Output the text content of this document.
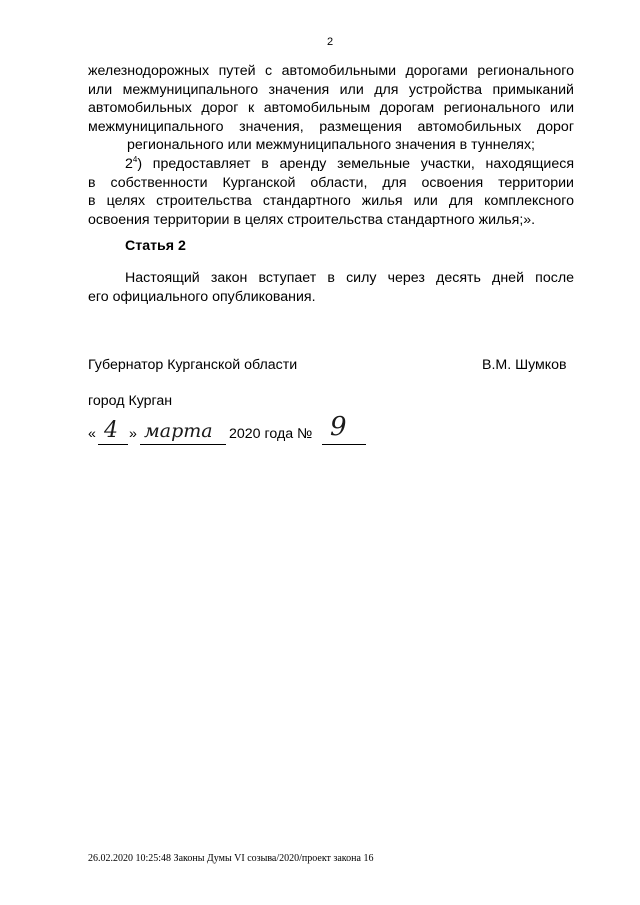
2
железнодорожных путей с автомобильными дорогами регионального
или межмуниципального значения или для устройства примыканий
автомобильных дорог к автомобильным дорогам регионального или
межмуниципального значения, размещения автомобильных дорог
регионального или межмуниципального значения в туннелях;
$2^4$) предоставляет в аренду земельные участки, находящиеся
в собственности Курганской области, для освоения территории
в целях строительства стандартного жилья или для комплексного
освоения территории в целях строительства стандартного жилья;».
Статья 2
Настоящий закон вступает в силу через десять дней после
его официального опубликования.
Губернатор Курганской области	В.М. Шумков
город Курган
« 4 » марта 2020 года № 9
26.02.2020 10:25:48 Законы Думы VI созыва/2020/проект закона 16
